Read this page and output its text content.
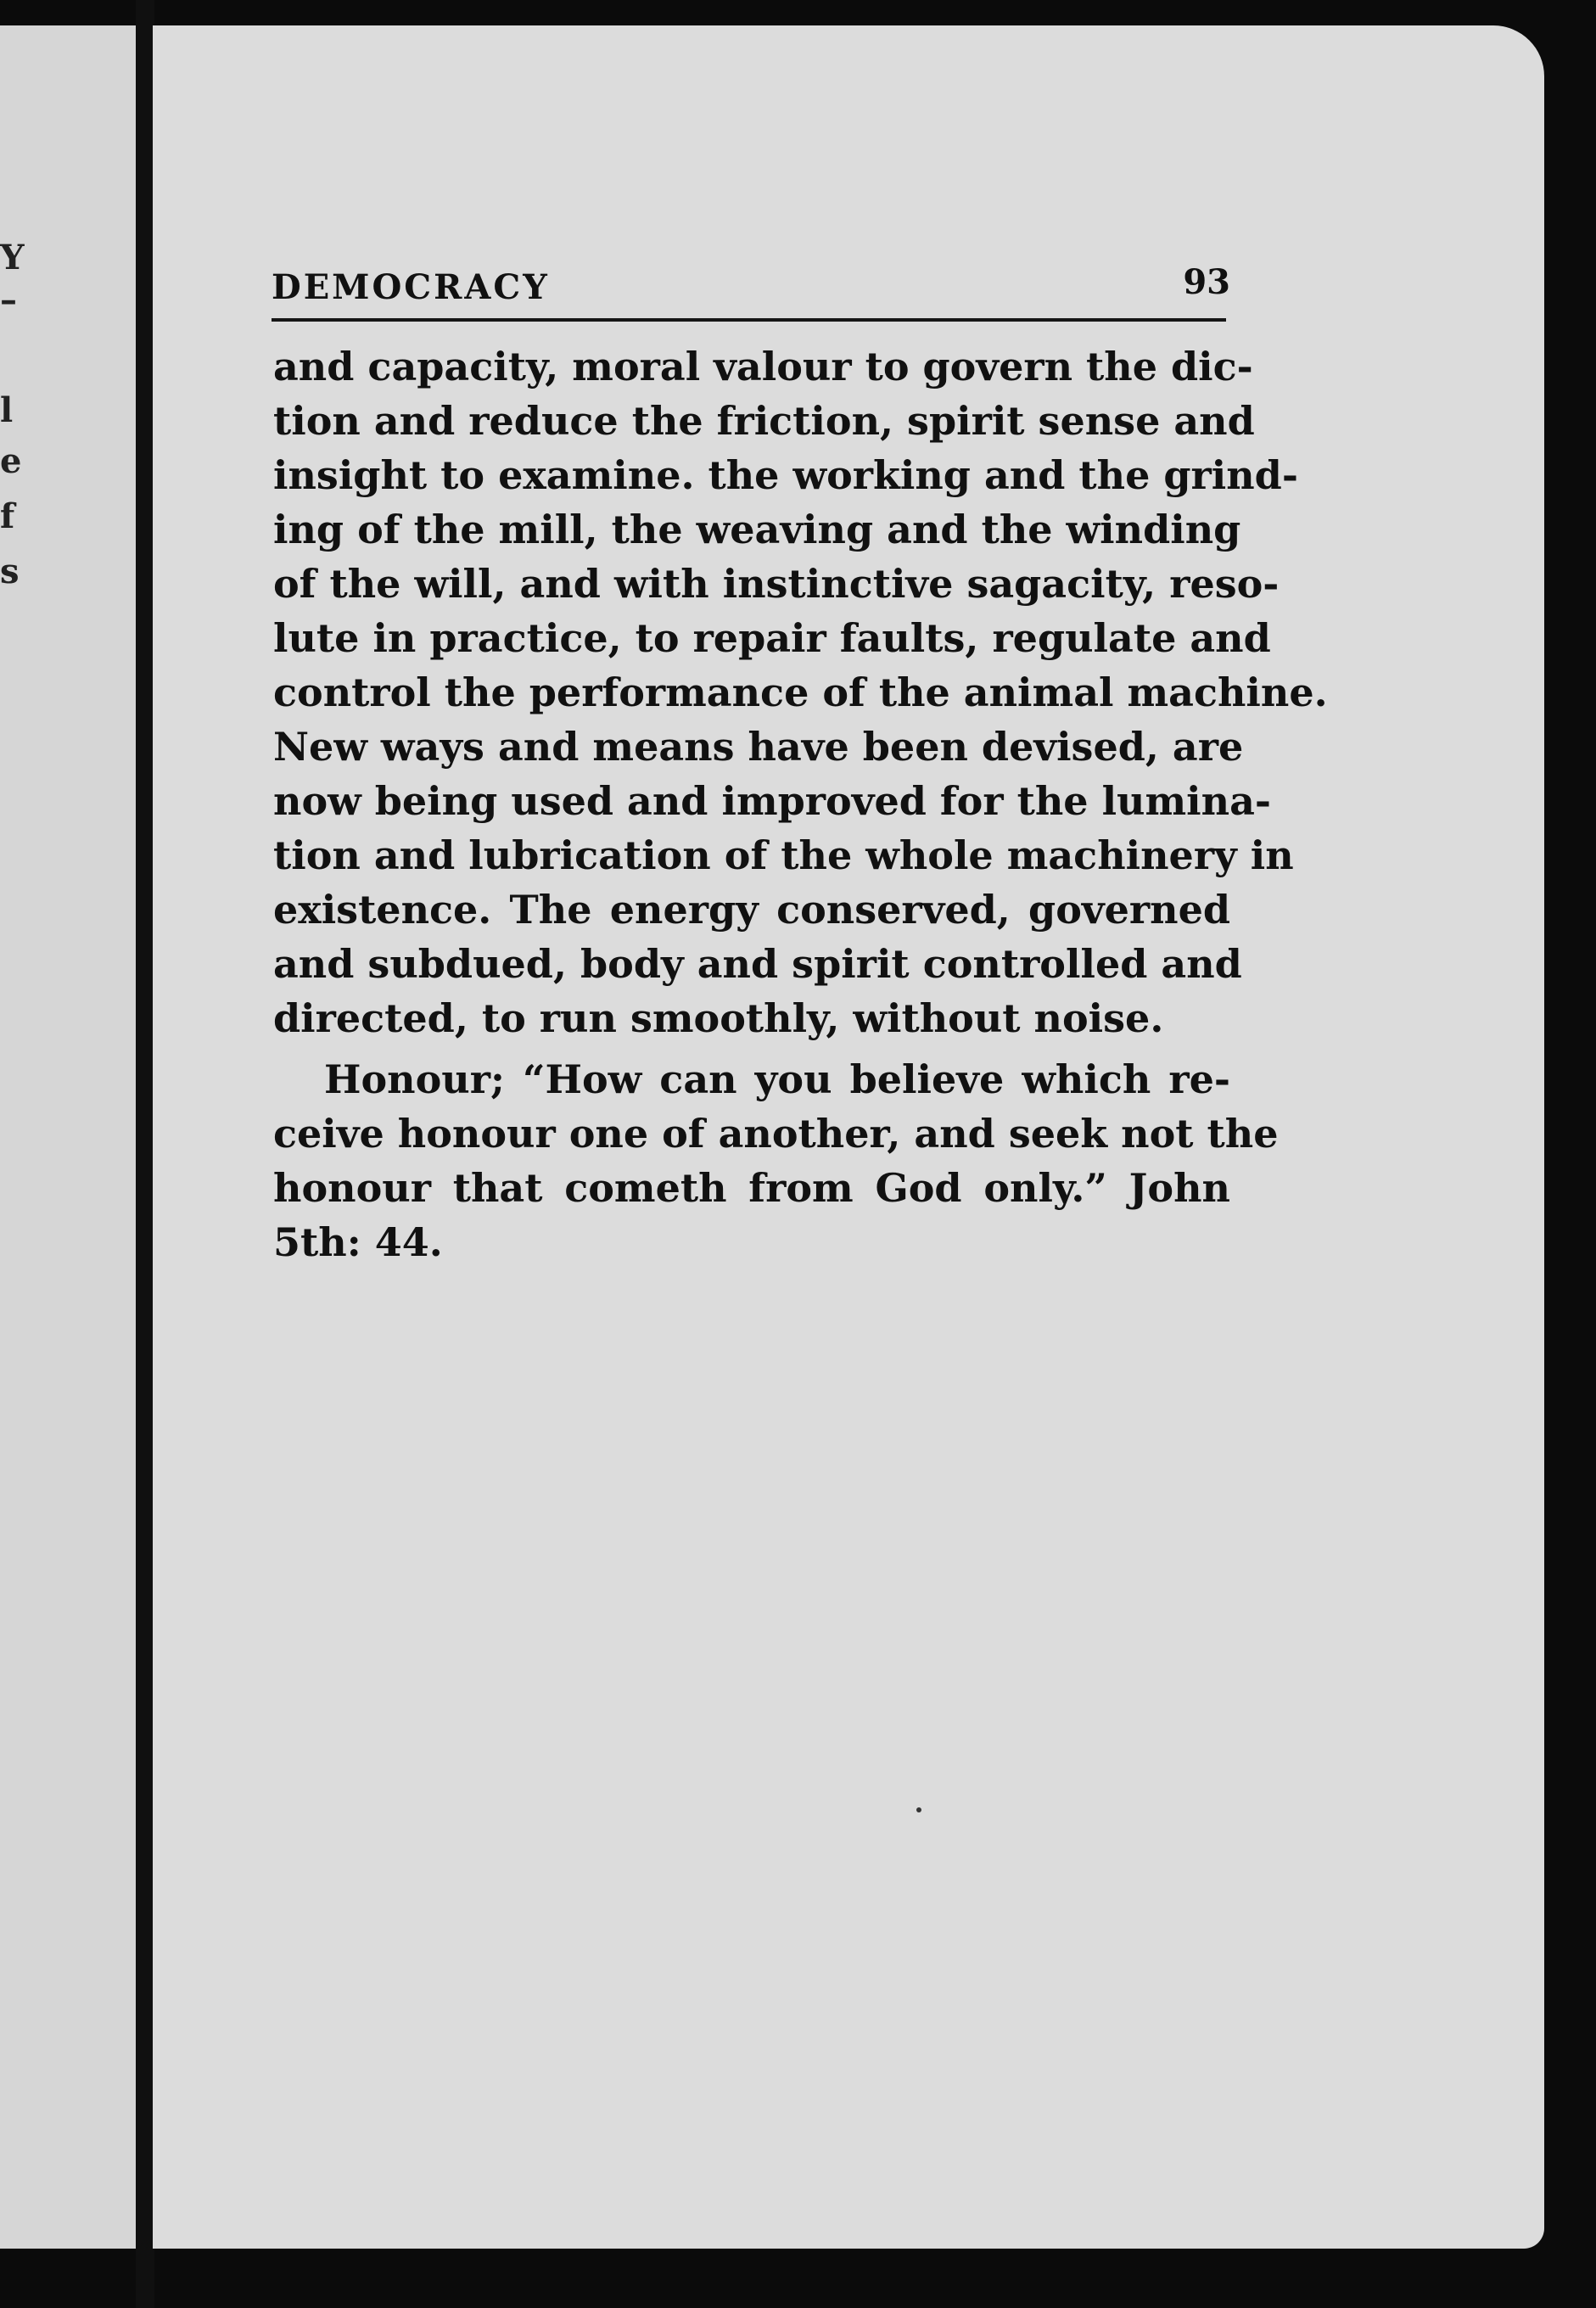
Y
–
l
e
f
s
DEMOCRACY	93
and capacity, moral valour to govern the dic-
tion and reduce the friction, spirit sense and
insight to examine. the working and the grind-
ing of the mill, the weaving and the winding
of the will, and with instinctive sagacity, reso-
lute in practice, to repair faults, regulate and
control the performance of the animal machine.
New ways and means have been devised, are
now being used and improved for the lumina-
tion and lubrication of the whole machinery in
existence. The energy conserved, governed
and subdued, body and spirit controlled and
directed, to run smoothly, without noise.
Honour; “How can you believe which re-
ceive honour one of another, and seek not the
honour that cometh from God only.” John
5th: 44.
